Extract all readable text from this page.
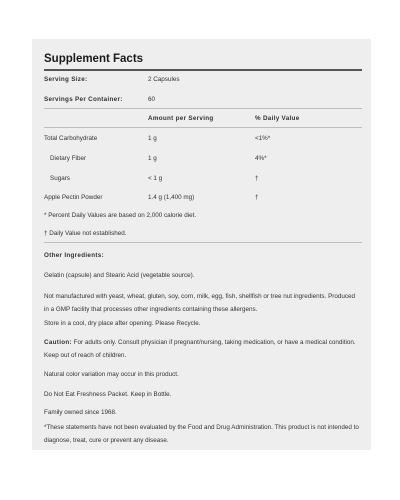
Supplement Facts
Serving Size:	2 Capsules
Servings Per Container:	60
Amount per Serving	% Daily Value
Total Carbohydrate	1 g	<1%*
Dietary Fiber	1 g	4%*
Sugars	< 1 g	†
Apple Pectin Powder	1.4 g (1,400 mg)	†
* Percent Daily Values are based on 2,000 calorie diet.
† Daily Value not established.
Other Ingredients:
Gelatin (capsule) and Stearic Acid (vegetable source).
Not manufactured with yeast, wheat, gluten, soy, corn, milk, egg, fish, shellfish or tree nut ingredients. Produced in a GMP facility that processes other ingredients containing these allergens.
Store in a cool, dry place after opening. Please Recycle.
Caution: For adults only. Consult physician if pregnant/nursing, taking medication, or have a medical condition. Keep out of reach of children.
Natural color variation may occur in this product.
Do Not Eat Freshness Packet. Keep in Bottle.
Family owned since 1968.
*These statements have not been evaluated by the Food and Drug Administration. This product is not intended to diagnose, treat, cure or prevent any disease.
